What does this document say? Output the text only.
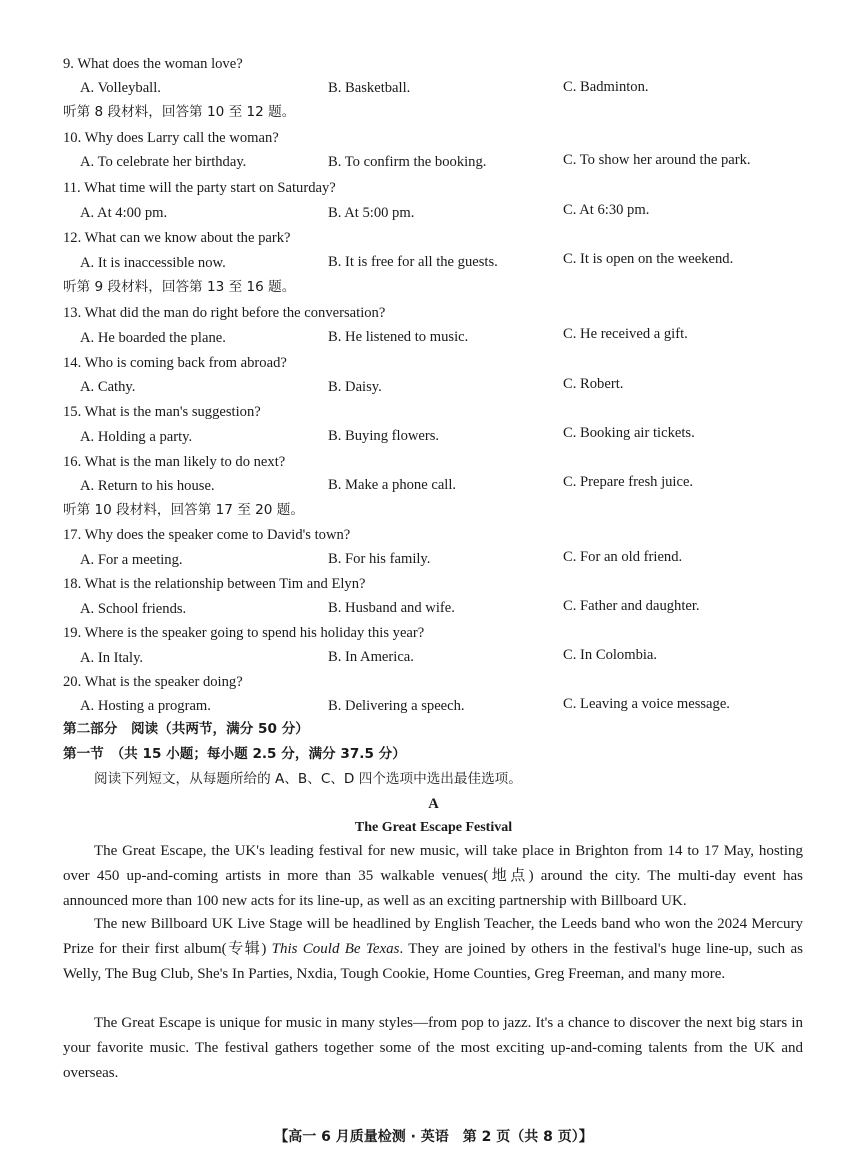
9. What does the woman love?
A. Volleyball.	B. Basketball.	C. Badminton.
听第 8 段材料，回答第 10 至 12 题。
10. Why does Larry call the woman?
A. To celebrate her birthday.	B. To confirm the booking.	C. To show her around the park.
11. What time will the party start on Saturday?
A. At 4:00 pm.	B. At 5:00 pm.	C. At 6:30 pm.
12. What can we know about the park?
A. It is inaccessible now.	B. It is free for all the guests.	C. It is open on the weekend.
听第 9 段材料，回答第 13 至 16 题。
13. What did the man do right before the conversation?
A. He boarded the plane.	B. He listened to music.	C. He received a gift.
14. Who is coming back from abroad?
A. Cathy.	B. Daisy.	C. Robert.
15. What is the man's suggestion?
A. Holding a party.	B. Buying flowers.	C. Booking air tickets.
16. What is the man likely to do next?
A. Return to his house.	B. Make a phone call.	C. Prepare fresh juice.
听第 10 段材料，回答第 17 至 20 题。
17. Why does the speaker come to David's town?
A. For a meeting.	B. For his family.	C. For an old friend.
18. What is the relationship between Tim and Elyn?
A. School friends.	B. Husband and wife.	C. Father and daughter.
19. Where is the speaker going to spend his holiday this year?
A. In Italy.	B. In America.	C. In Colombia.
20. What is the speaker doing?
A. Hosting a program.	B. Delivering a speech.	C. Leaving a voice message.
第二部分　阅读（共两节，满分 50 分）
第一节　（共 15 小题；每小题 2.5 分，满分 37.5 分）
阅读下列短文，从每题所给的 A、B、C、D 四个选项中选出最佳选项。
A
The Great Escape Festival
The Great Escape, the UK's leading festival for new music, will take place in Brighton from 14 to 17 May, hosting over 450 up-and-coming artists in more than 35 walkable venues(地点) around the city. The multi-day event has announced more than 100 new acts for its line-up, as well as an exciting partnership with Billboard UK.
The new Billboard UK Live Stage will be headlined by English Teacher, the Leeds band who won the 2024 Mercury Prize for their first album(专辑) This Could Be Texas. They are joined by others in the festival's huge line-up, such as Welly, The Bug Club, She's In Parties, Nxdia, Tough Cookie, Home Counties, Greg Freeman, and many more.
The Great Escape is unique for music in many styles—from pop to jazz. It's a chance to discover the next big stars in your favorite music. The festival gathers together some of the most exciting up-and-coming talents from the UK and overseas.
【高一 6 月质量检测 · 英语　第 2 页（共 8 页）】
